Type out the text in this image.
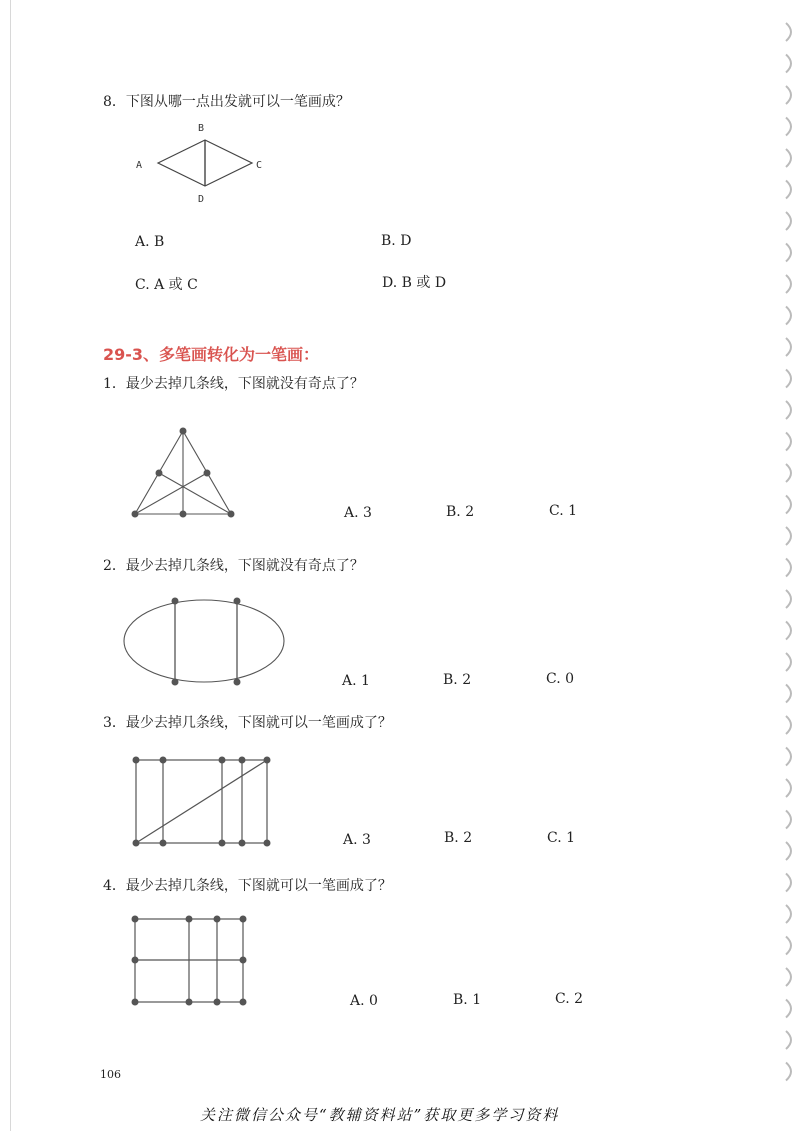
8．下图从哪一点出发就可以一笔画成？
B
A	C
D
A. B	B. D
C. A 或 C	D. B 或 D
29-3、多笔画转化为一笔画：
1．最少去掉几条线，下图就没有奇点了？
A. 3	B. 2	C. 1
2．最少去掉几条线，下图就没有奇点了？
A. 1	B. 2	C. 0
3．最少去掉几条线，下图就可以一笔画成了？
A. 3	B. 2	C. 1
4．最少去掉几条线，下图就可以一笔画成了？
A. 0	B. 1	C. 2
106
关注微信公众号“教辅资料站”获取更多学习资料
